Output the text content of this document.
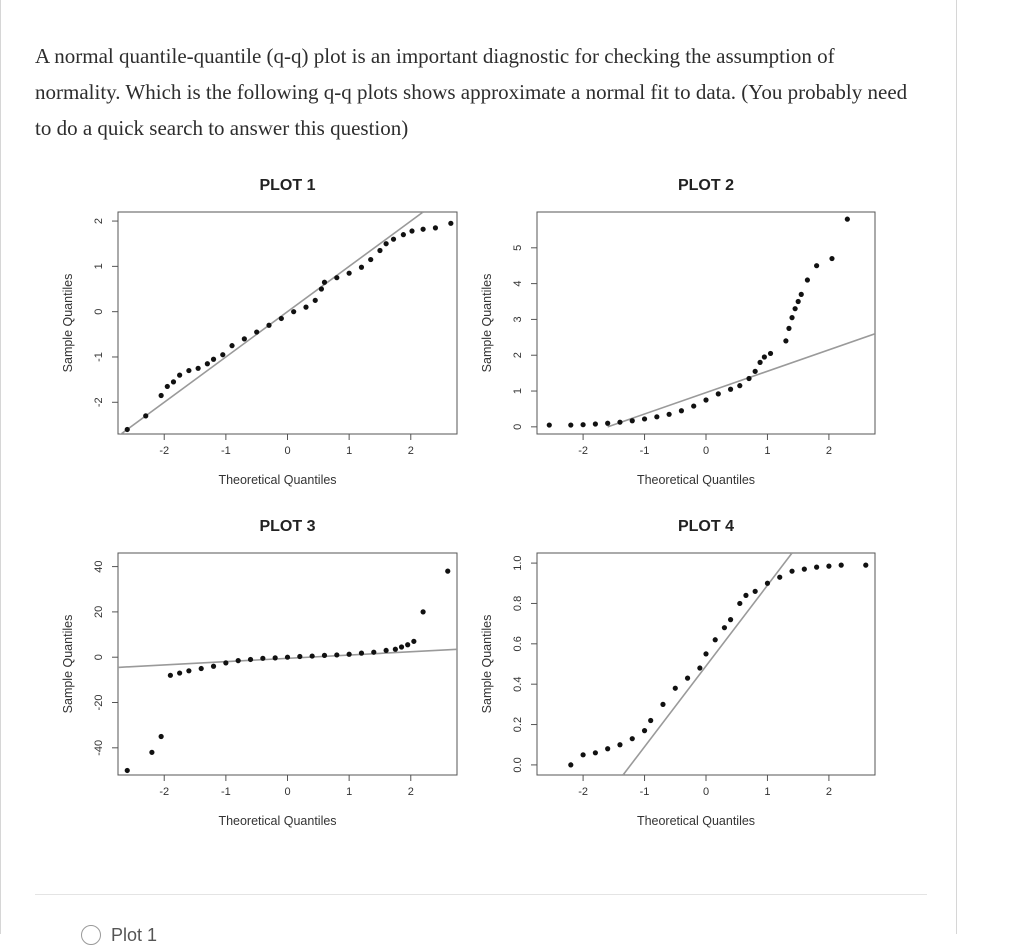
A normal quantile-quantile (q-q) plot is an important diagnostic for checking the assumption of normality. Which is the following q-q plots shows approximate a normal fit to data. (You probably need to do a quick search to answer this question)

Plot 1
PLOT 1
-2	-1	0	1	2
-2
-1
0
1
2
Theoretical Quantiles
Sample Quantiles
PLOT 2
-2	-1	0	1	2
0
1
2
3
4
5
Theoretical Quantiles
Sample Quantiles
PLOT 3
-2	-1	0	1	2
-40
-20
0
20
40
Theoretical Quantiles
Sample Quantiles
PLOT 4
-2	-1	0	1	2
0.0
0.2
0.4
0.6
0.8
1.0
Theoretical Quantiles
Sample Quantiles
